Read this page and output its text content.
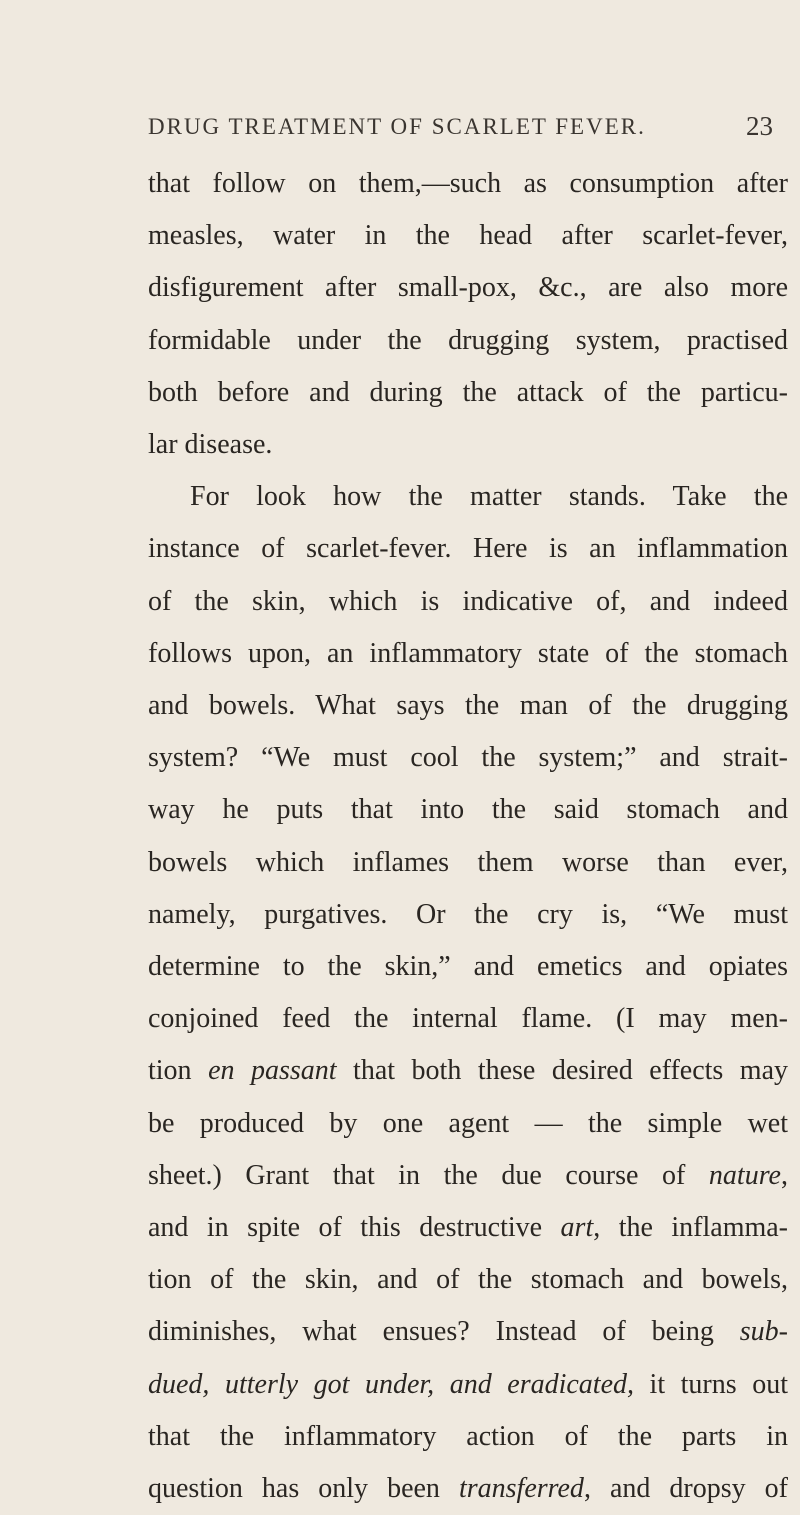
DRUG TREATMENT OF SCARLET FEVER.	23
that follow on them,—such as consumption after
measles, water in the head after scarlet-fever,
disfigurement after small-pox, &c., are also more
formidable under the drugging system, practised
both before and during the attack of the particu-
lar disease.
For look how the matter stands. Take the
instance of scarlet-fever. Here is an inflammation
of the skin, which is indicative of, and indeed
follows upon, an inflammatory state of the stomach
and bowels. What says the man of the drugging
system? “We must cool the system;” and strait-
way he puts that into the said stomach and
bowels which inflames them worse than ever,
namely, purgatives. Or the cry is, “We must
determine to the skin,” and emetics and opiates
conjoined feed the internal flame. (I may men-
tion en passant that both these desired effects may
be produced by one agent — the simple wet
sheet.) Grant that in the due course of nature,
and in spite of this destructive art, the inflamma-
tion of the skin, and of the stomach and bowels,
diminishes, what ensues? Instead of being sub-
dued, utterly got under, and eradicated, it turns out
that the inflammatory action of the parts in
question has only been transferred, and dropsy of
